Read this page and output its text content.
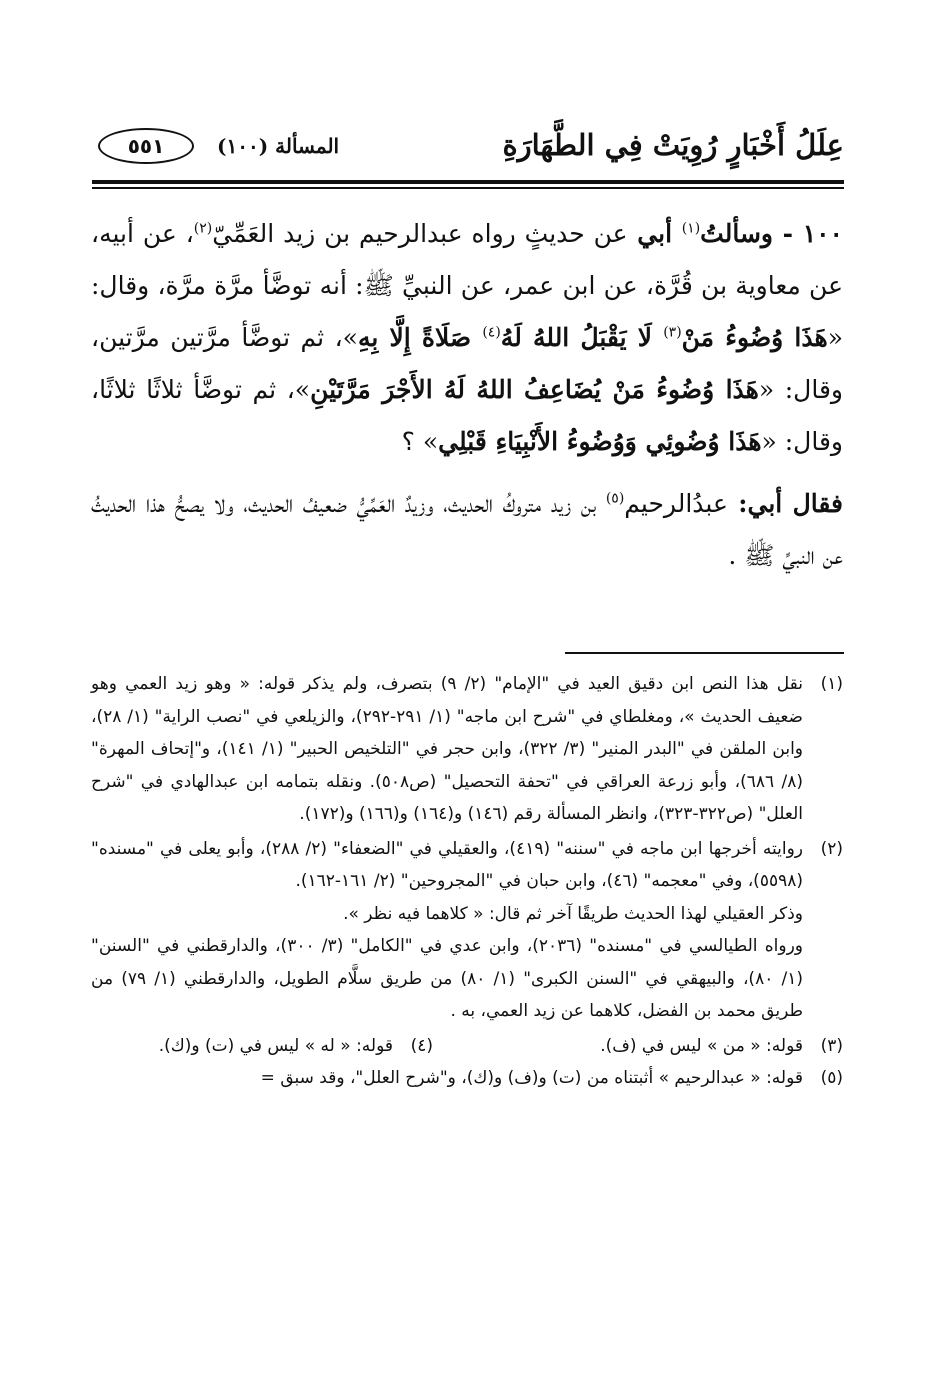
عِلَلُ أَخْبَارٍ رُوِيَتْ فِي الطَّهَارَةِ
المسألة (١٠٠)
٥٥١

١٠٠ - وسألتُ$^{(١)}$ أبي عن حديثٍ رواه عبدالرحيم بن زيد العَمِّيّ$^{(٢)}$، عن أبيه، عن معاوية بن قُرَّة، عن ابن عمر، عن النبيِّ ﷺ: أنه توضَّأ مرَّة مرَّة، وقال: «هَذَا وُضُوءُ مَنْ$^{(٣)}$ لَا يَقْبَلُ اللهُ لَهُ$^{(٤)}$ صَلَاةً إِلَّا بِهِ»، ثم توضَّأ مرَّتين مرَّتين، وقال: «هَذَا وُضُوءُ مَنْ يُضَاعِفُ اللهُ لَهُ الأَجْرَ مَرَّتَيْنِ»، ثم توضَّأ ثلاثًا ثلاثًا، وقال: «هَذَا وُضُوئِي وَوُضُوءُ الأَنْبِيَاءِ قَبْلِي» ؟

فقال أبي: عبدُالرحيم$^{(٥)}$ بن زيد متروكُ الحديث، وزيدٌ العَمِّيُّ ضعيفُ الحديث، ولا يصحُّ هذا الحديثُ عن النبيِّ ﷺ .

(١)

نقل هذا النص ابن دقيق العيد في "الإمام" (٢/ ٩) بتصرف، ولم يذكر قوله: « وهو زيد العمي وهو ضعيف الحديث »، ومغلطاي في "شرح ابن ماجه" (١/ ٢٩١-٢٩٢)، والزيلعي في "نصب الراية" (١/ ٢٨)، وابن الملقن في "البدر المنير" (٣/ ٣٢٢)، وابن حجر في "التلخيص الحبير" (١/ ١٤١)، و"إتحاف المهرة" (٨/ ٦٨٦)، وأبو زرعة العراقي في "تحفة التحصيل" (ص٥٠٨). ونقله بتمامه ابن عبدالهادي في "شرح العلل" (ص٣٢٢-٣٢٣)، وانظر المسألة رقم (١٤٦) و(١٦٤) و(١٦٦) و(١٧٢).

(٢)

روايته أخرجها ابن ماجه في "سننه" (٤١٩)، والعقيلي في "الضعفاء" (٢/ ٢٨٨)، وأبو يعلى في "مسنده" (٥٥٩٨)، وفي "معجمه" (٤٦)، وابن حبان في "المجروحين" (٢/ ١٦١-١٦٢).

وذكر العقيلي لهذا الحديث طريقًا آخر ثم قال: « كلاهما فيه نظر ».

ورواه الطيالسي في "مسنده" (٢٠٣٦)، وابن عدي في "الكامل" (٣/ ٣٠٠)، والدارقطني في "السنن" (١/ ٨٠)، والبيهقي في "السنن الكبرى" (١/ ٨٠) من طريق سلَّام الطويل، والدارقطني (١/ ٧٩) من طريق محمد بن الفضل، كلاهما عن زيد العمي، به .

(٣)
قوله: « من » ليس في (ف).
(٤)
قوله: « له » ليس في (ت) و(ك).
(٥)

قوله: « عبدالرحيم » أثبتناه من (ت) و(ف) و(ك)، و"شرح العلل"، وقد سبق =
